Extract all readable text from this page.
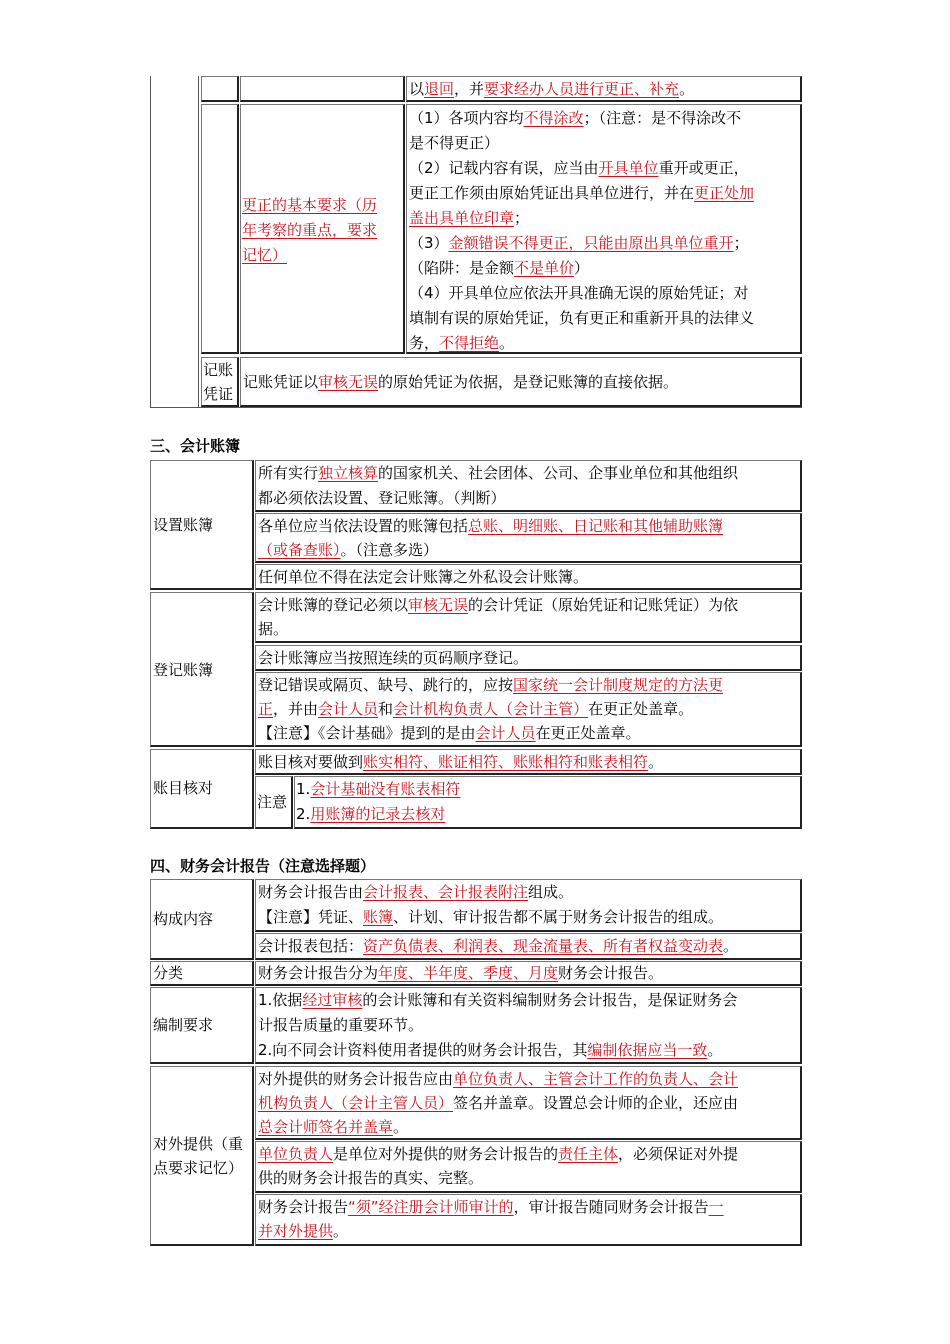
以退回，并要求经办人员进行更正、补充。
更正的基本要求（历
年考察的重点，要求
记忆）
（1）各项内容均不得涂改；（注意：是不得涂改不
是不得更正）
（2）记载内容有误，应当由开具单位重开或更正，
更正工作须由原始凭证出具单位进行，并在更正处加
盖出具单位印章；
（3）金额错误不得更正，只能由原出具单位重开；
（陷阱：是金额不是单价）
（4）开具单位应依法开具准确无误的原始凭证；对
填制有误的原始凭证，负有更正和重新开具的法律义
务，不得拒绝。
记账
凭证
记账凭证以审核无误的原始凭证为依据，是登记账簿的直接依据。
三、会计账簿
设置账簿
所有实行独立核算的国家机关、社会团体、公司、企事业单位和其他组织
都必须依法设置、登记账簿。（判断）
各单位应当依法设置的账簿包括总账、明细账、日记账和其他辅助账簿
（或备查账）。（注意多选）
任何单位不得在法定会计账簿之外私设会计账簿。
登记账簿
会计账簿的登记必须以审核无误的会计凭证（原始凭证和记账凭证）为依
据。
会计账簿应当按照连续的页码顺序登记。
登记错误或隔页、缺号、跳行的，应按国家统一会计制度规定的方法更
正，并由会计人员和会计机构负责人（会计主管）在更正处盖章。
【注意】《会计基础》提到的是由会计人员在更正处盖章。
账目核对
账目核对要做到账实相符、账证相符、账账相符和账表相符。
注意
1.会计基础没有账表相符
2.用账簿的记录去核对
四、财务会计报告（注意选择题）
构成内容
财务会计报告由会计报表、会计报表附注组成。
【注意】凭证、账簿、计划、审计报告都不属于财务会计报告的组成。
会计报表包括：资产负债表、利润表、现金流量表、所有者权益变动表。
分类	财务会计报告分为年度、半年度、季度、月度财务会计报告。
编制要求
1.依据经过审核的会计账簿和有关资料编制财务会计报告，是保证财务会
计报告质量的重要环节。
2.向不同会计资料使用者提供的财务会计报告，其编制依据应当一致。
对外提供（重
点要求记忆）
对外提供的财务会计报告应由单位负责人、主管会计工作的负责人、会计
机构负责人（会计主管人员）签名并盖章。设置总会计师的企业，还应由
总会计师签名并盖章。
单位负责人是单位对外提供的财务会计报告的责任主体，必须保证对外提
供的财务会计报告的真实、完整。
财务会计报告“须”经注册会计师审计的，审计报告随同财务会计报告一
并对外提供。
